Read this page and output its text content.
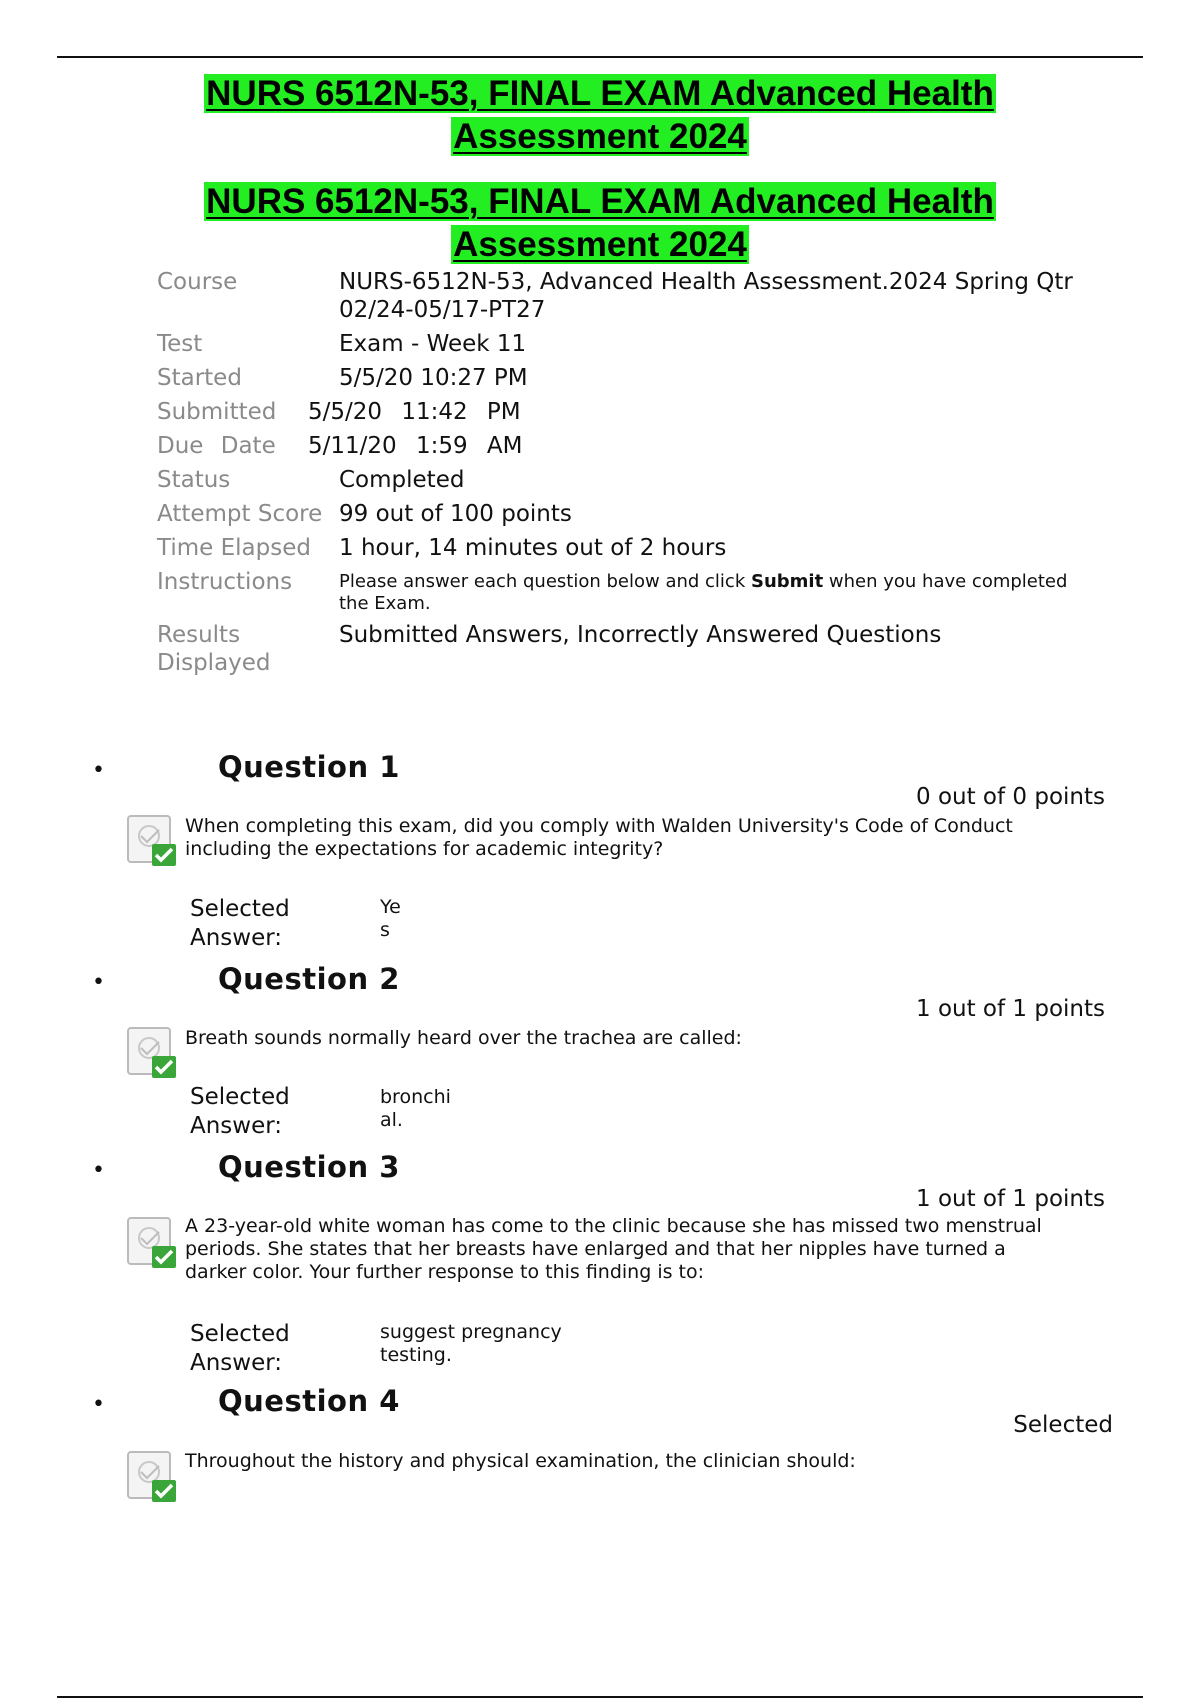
NURS 6512N-53, FINAL EXAM Advanced Health
Assessment 2024
NURS 6512N-53, FINAL EXAM Advanced Health
Assessment 2024
Course	NURS-6512N-53, Advanced Health Assessment.2024 Spring Qtr 02/24-05/17-PT27

Test	Exam - Week 11

Started	5/5/20 10:27 PM

Submitted	5/5/20 11:42 PM

Due Date	5/11/20 1:59 AM

Status	Completed

Attempt Score	99 out of 100 points

Time Elapsed	1 hour, 14 minutes out of 2 hours

Instructions	Please answer each question below and click Submit when you have completed the Exam.

Results Displayed	Submitted Answers, Incorrectly Answered Questions
•	Question 1
0 out of 0 points
When completing this exam, did you comply with Walden University's Code of Conduct including the expectations for academic integrity?
Selected Answer:
Yes
•	Question 2
1 out of 1 points
Breath sounds normally heard over the trachea are called:
Selected Answer:
bronchial.
•	Question 3
1 out of 1 points
A 23-year-old white woman has come to the clinic because she has missed two menstrual periods. She states that her breasts have enlarged and that her nipples have turned a darker color. Your further response to this finding is to:
Selected Answer:
suggest pregnancy testing.
•	Question 4
Selected
Throughout the history and physical examination, the clinician should:
